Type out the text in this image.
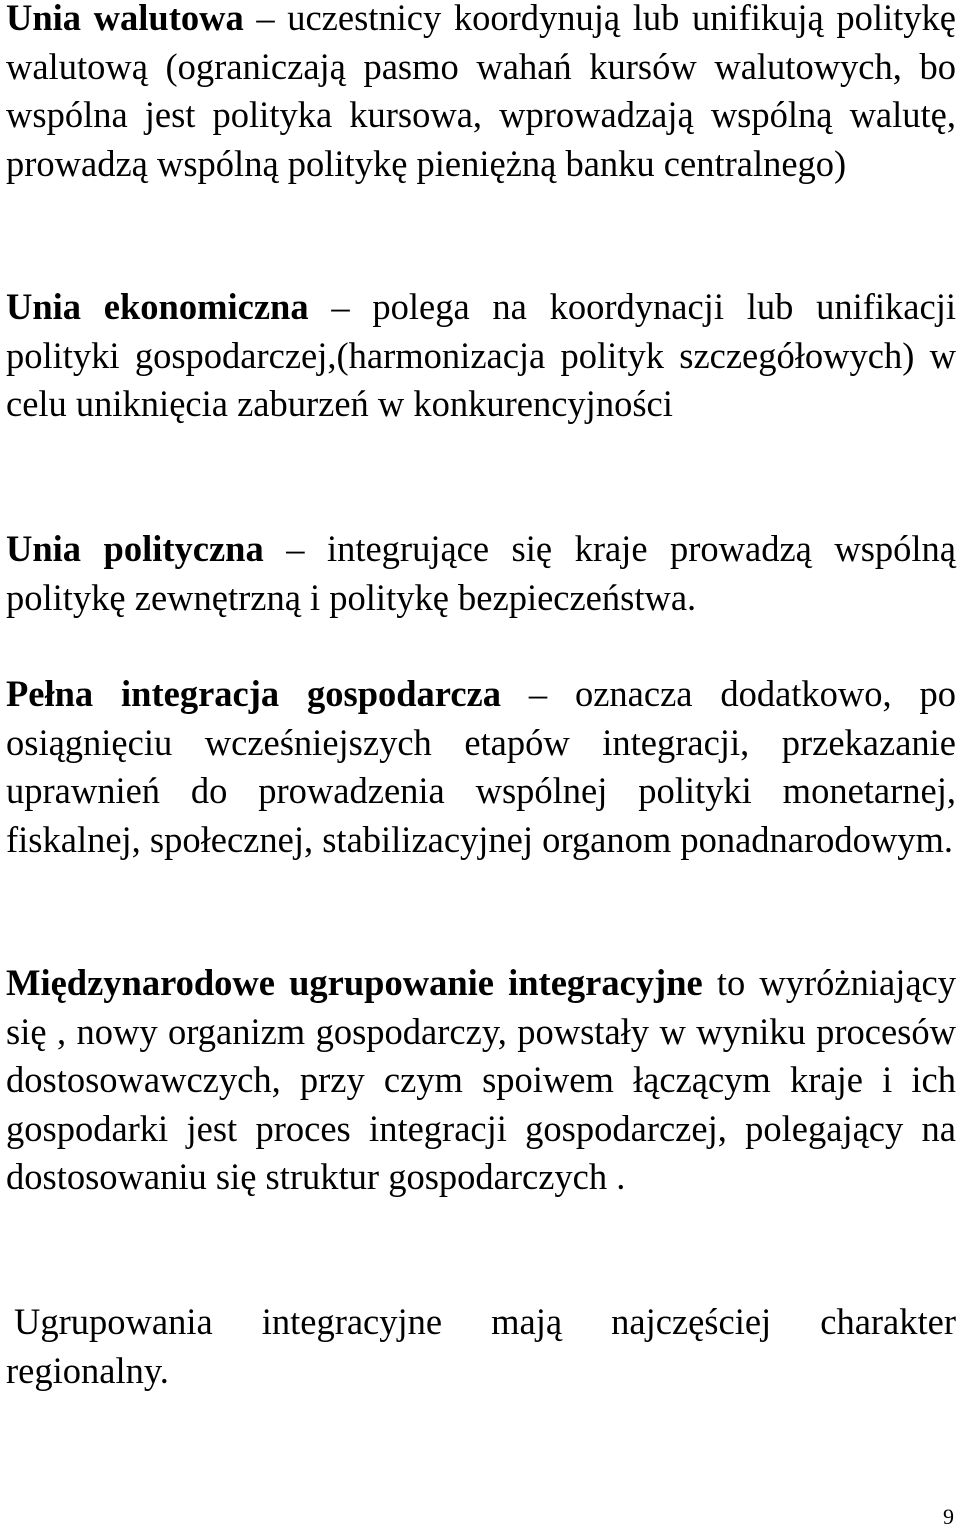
Unia walutowa – uczestnicy koordynują lub unifikują politykę walutową (ograniczają pasmo wahań kursów walutowych, bo wspólna jest polityka kursowa, wprowadzają wspólną walutę, prowadzą wspólną politykę pieniężną banku centralnego)

Unia ekonomiczna – polega na koordynacji lub unifikacji polityki gospodarczej,(harmonizacja polityk szczegółowych) w celu uniknięcia zaburzeń w konkurencyjności

Unia polityczna – integrujące się kraje prowadzą wspólną politykę zewnętrzną i politykę bezpieczeństwa.

Pełna integracja gospodarcza – oznacza dodatkowo, po osiągnięciu wcześniejszych etapów integracji, przekazanie uprawnień do prowadzenia wspólnej polityki monetarnej, fiskalnej, społecznej, stabilizacyjnej organom ponadnarodowym.

Międzynarodowe ugrupowanie integracyjne to wyróżniający się , nowy organizm gospodarczy, powstały w wyniku procesów dostosowawczych, przy czym spoiwem łączącym kraje i ich gospodarki jest proces integracji gospodarczej, polegający na dostosowaniu się struktur gospodarczych .

Ugrupowania integracyjne mają najczęściej charakter regionalny.

9
